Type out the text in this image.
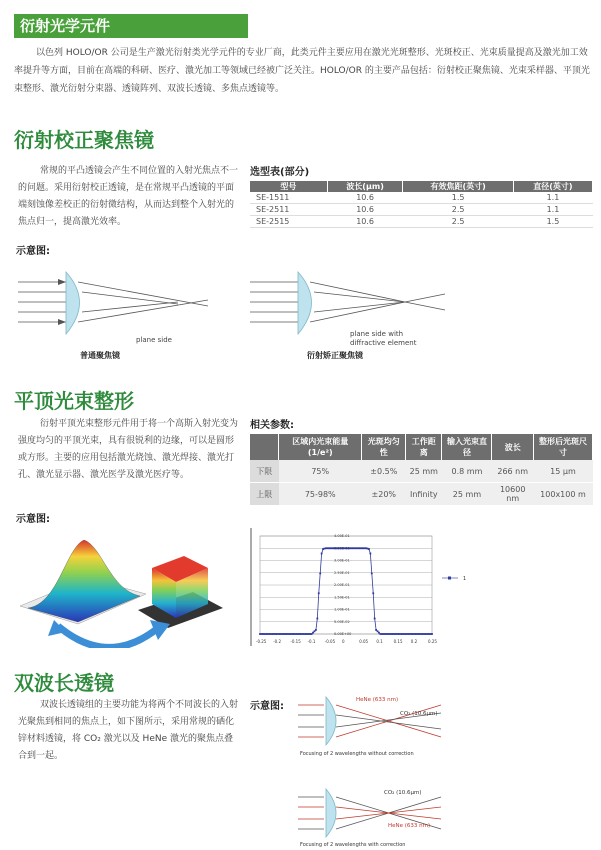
衍射光学元件
以色列 HOLO/OR 公司是生产激光衍射类光学元件的专业厂商，此类元件主要应用在激光光斑整形、光斑校正、光束质量提高及激光加工效率提升等方面，目前在高端的科研、医疗、激光加工等领域已经被广泛关注。HOLO/OR 的主要产品包括：衍射校正聚焦镜、光束采样器、平顶光束整形、激光衍射分束器、透镜阵列、双波长透镜、多焦点透镜等。
衍射校正聚焦镜
常规的平凸透镜会产生不同位置的入射光焦点不一的问题。采用衍射校正透镜，是在常规平凸透镜的平面端刻蚀像差校正的衍射微结构，从而达到整个入射光的焦点归一，提高激光效率。
选型表(部分)
型号	波长(μm)	有效焦距(英寸)	直径(英寸)
SE-1511	10.6	1.5	1.1
SE-2511	10.6	2.5	1.1
SE-2515	10.6	2.5	1.5
示意图:
plane side
普通聚焦镜
plane side with
diffractive element
衍射矫正聚焦镜
平顶光束整形
衍射平顶光束整形元件用于将一个高斯入射光变为强度均匀的平顶光束，具有很锐利的边缘，可以是圆形或方形。主要的应用包括激光烧蚀、激光焊接、激光打孔、激光显示器、激光医学及激光医疗等。
相关参数:
	区域内光束能量 (1/e²)	光斑均匀性	工作距离	输入光束直径	波长	整形后光斑尺寸
下限	75%	±0.5%	25 mm	0.8 mm	266 nm	15 μm
上限	75-98%	±20%	Infinity	25 mm	10600 nm	100x100 m
示意图:
4.00E-01
3.00E-01
2.50E-01
2.00E-01
1.50E-01
1.00E-01
5.00E-02
0.00E+00
-0.25 -0.2 -0.15 -0.1 -0.05 0	0.05 0.1	0.15 0.2	0.25
1
双波长透镜
双波长透镜组的主要功能为将两个不同波长的入射光聚焦到相同的焦点上，如下图所示，采用常规的硒化锌材料透镜，将 CO₂ 激光以及 HeNe 激光的聚焦点叠合到一起。
示意图:
HeNe (633 nm)
CO₂ (10.6μm)
Focusing of 2 wavelengths without correction
CO₂ (10.6μm)
HeNe (633 nm)
Focusing of 2 wavelengths with correction
